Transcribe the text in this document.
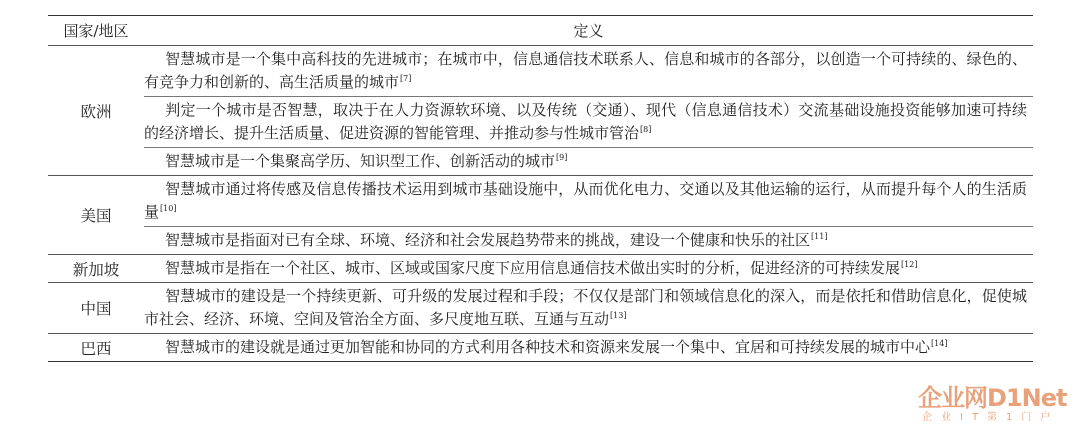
国家/地区	定义
欧洲	智慧城市是一个集中高科技的先进城市；在城市中，信息通信技术联系人、信息和城市的各部分，以创造一个可持续的、绿色的、有竞争力和创新的、高生活质量的城市[7]
	判定一个城市是否智慧，取决于在人力资源软环境、以及传统（交通）、现代（信息通信技术）交流基础设施投资能够加速可持续的经济增长、提升生活质量、促进资源的智能管理、并推动参与性城市管治[8]
	智慧城市是一个集聚高学历、知识型工作、创新活动的城市[9]
美国	智慧城市通过将传感及信息传播技术运用到城市基础设施中，从而优化电力、交通以及其他运输的运行，从而提升每个人的生活质量[10]
	智慧城市是指面对已有全球、环境、经济和社会发展趋势带来的挑战，建设一个健康和快乐的社区[11]
新加坡	智慧城市是指在一个社区、城市、区域或国家尺度下应用信息通信技术做出实时的分析，促进经济的可持续发展[12]
中国	智慧城市的建设是一个持续更新、可升级的发展过程和手段；不仅仅是部门和领域信息化的深入，而是依托和借助信息化，促使城市社会、经济、环境、空间及管治全方面、多尺度地互联、互通与互动[13]
巴西	智慧城市的建设就是通过更加智能和协同的方式利用各种技术和资源来发展一个集中、宜居和可持续发展的城市中心[14]
企业网D1Net
企业IT第1门户
